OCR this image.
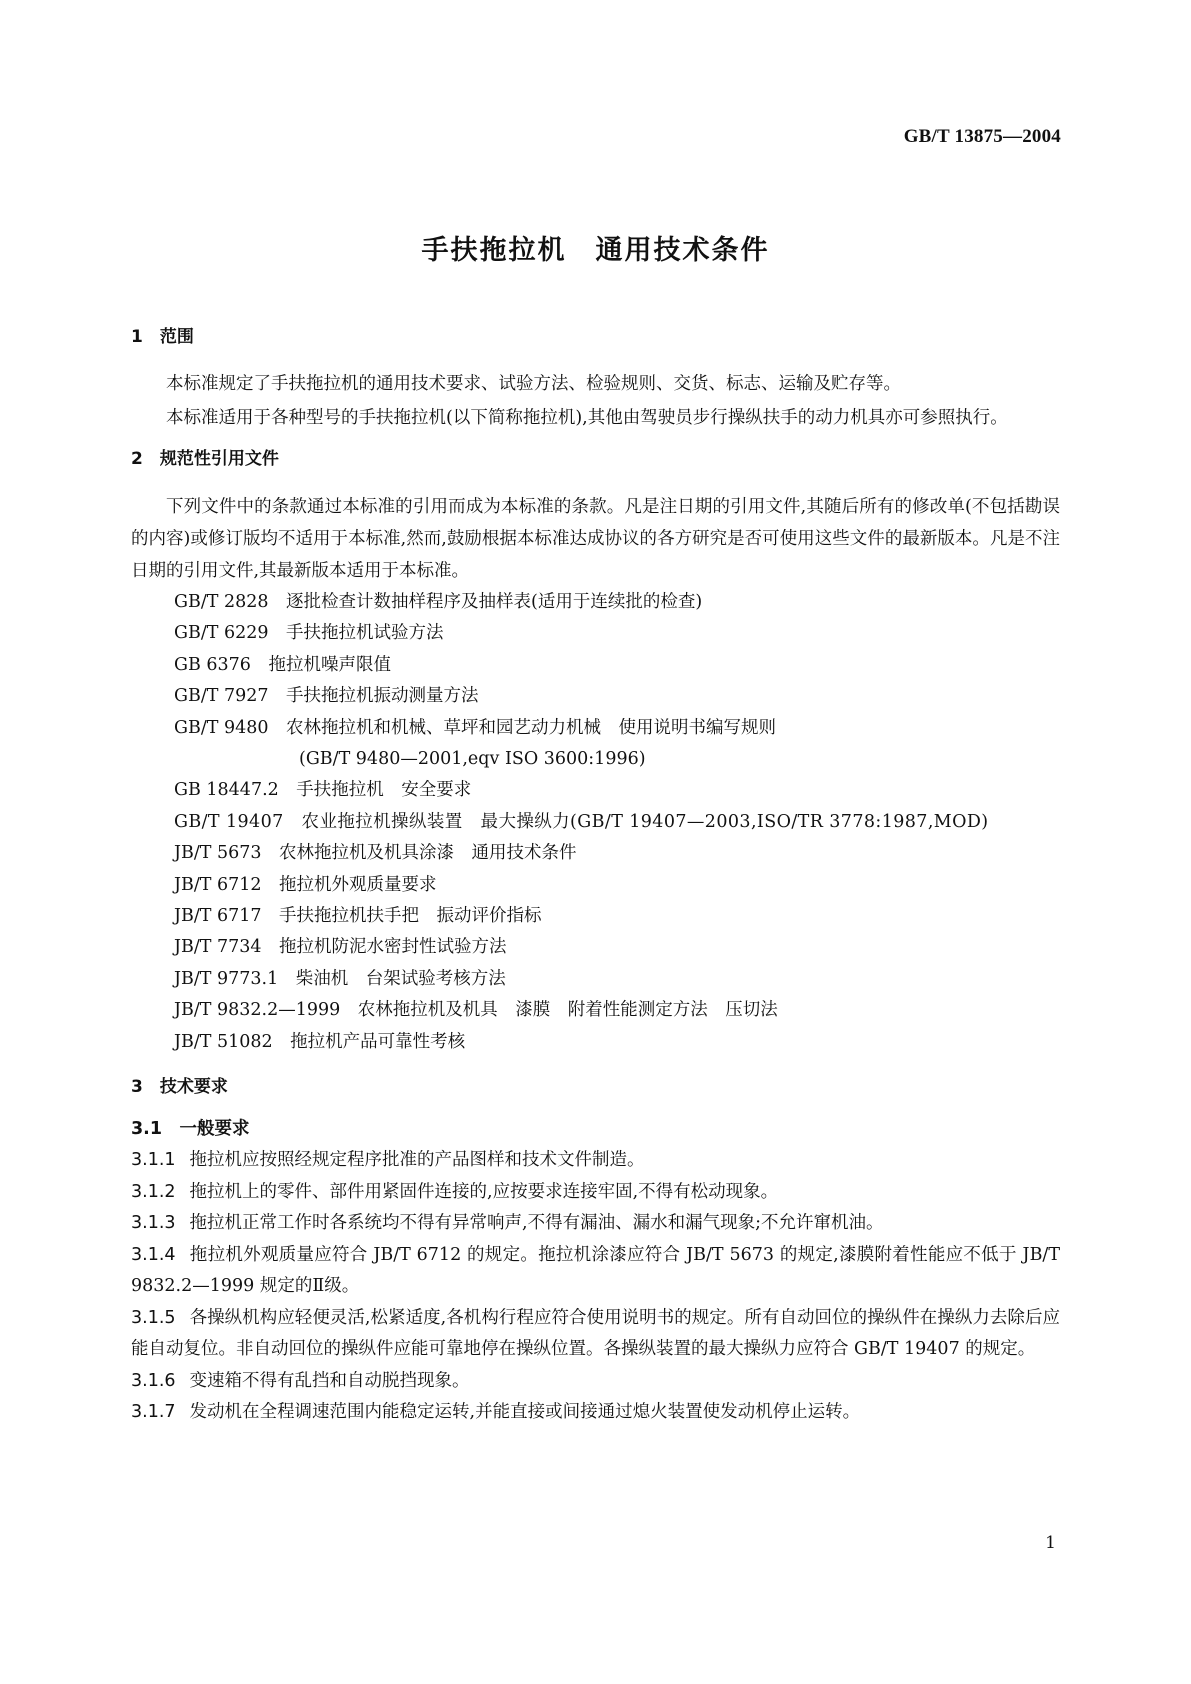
GB/T 13875—2004
手扶拖拉机　通用技术条件
1　范围
本标准规定了手扶拖拉机的通用技术要求、试验方法、检验规则、交货、标志、运输及贮存等。
本标准适用于各种型号的手扶拖拉机(以下简称拖拉机),其他由驾驶员步行操纵扶手的动力机具亦可参照执行。
2　规范性引用文件
下列文件中的条款通过本标准的引用而成为本标准的条款。凡是注日期的引用文件,其随后所有的修改单(不包括勘误的内容)或修订版均不适用于本标准,然而,鼓励根据本标准达成协议的各方研究是否可使用这些文件的最新版本。凡是不注日期的引用文件,其最新版本适用于本标准。
GB/T 2828　逐批检查计数抽样程序及抽样表(适用于连续批的检查)
GB/T 6229　手扶拖拉机试验方法
GB 6376　拖拉机噪声限值
GB/T 7927　手扶拖拉机振动测量方法
GB/T 9480　农林拖拉机和机械、草坪和园艺动力机械　使用说明书编写规则
(GB/T 9480—2001,eqv ISO 3600:1996)
GB 18447.2　手扶拖拉机　安全要求
GB/T 19407　农业拖拉机操纵装置　最大操纵力(GB/T 19407—2003,ISO/TR 3778:1987,MOD)
JB/T 5673　农林拖拉机及机具涂漆　通用技术条件
JB/T 6712　拖拉机外观质量要求
JB/T 6717　手扶拖拉机扶手把　振动评价指标
JB/T 7734　拖拉机防泥水密封性试验方法
JB/T 9773.1　柴油机　台架试验考核方法
JB/T 9832.2—1999　农林拖拉机及机具　漆膜　附着性能测定方法　压切法
JB/T 51082　拖拉机产品可靠性考核
3　技术要求
3.1　一般要求
3.1.1 拖拉机应按照经规定程序批准的产品图样和技术文件制造。
3.1.2 拖拉机上的零件、部件用紧固件连接的,应按要求连接牢固,不得有松动现象。
3.1.3 拖拉机正常工作时各系统均不得有异常响声,不得有漏油、漏水和漏气现象;不允许窜机油。
3.1.4 拖拉机外观质量应符合 JB/T 6712 的规定。拖拉机涂漆应符合 JB/T 5673 的规定,漆膜附着性能应不低于 JB/T 9832.2—1999 规定的Ⅱ级。
3.1.5 各操纵机构应轻便灵活,松紧适度,各机构行程应符合使用说明书的规定。所有自动回位的操纵件在操纵力去除后应能自动复位。非自动回位的操纵件应能可靠地停在操纵位置。各操纵装置的最大操纵力应符合 GB/T 19407 的规定。
3.1.6 变速箱不得有乱挡和自动脱挡现象。
3.1.7 发动机在全程调速范围内能稳定运转,并能直接或间接通过熄火装置使发动机停止运转。
1
